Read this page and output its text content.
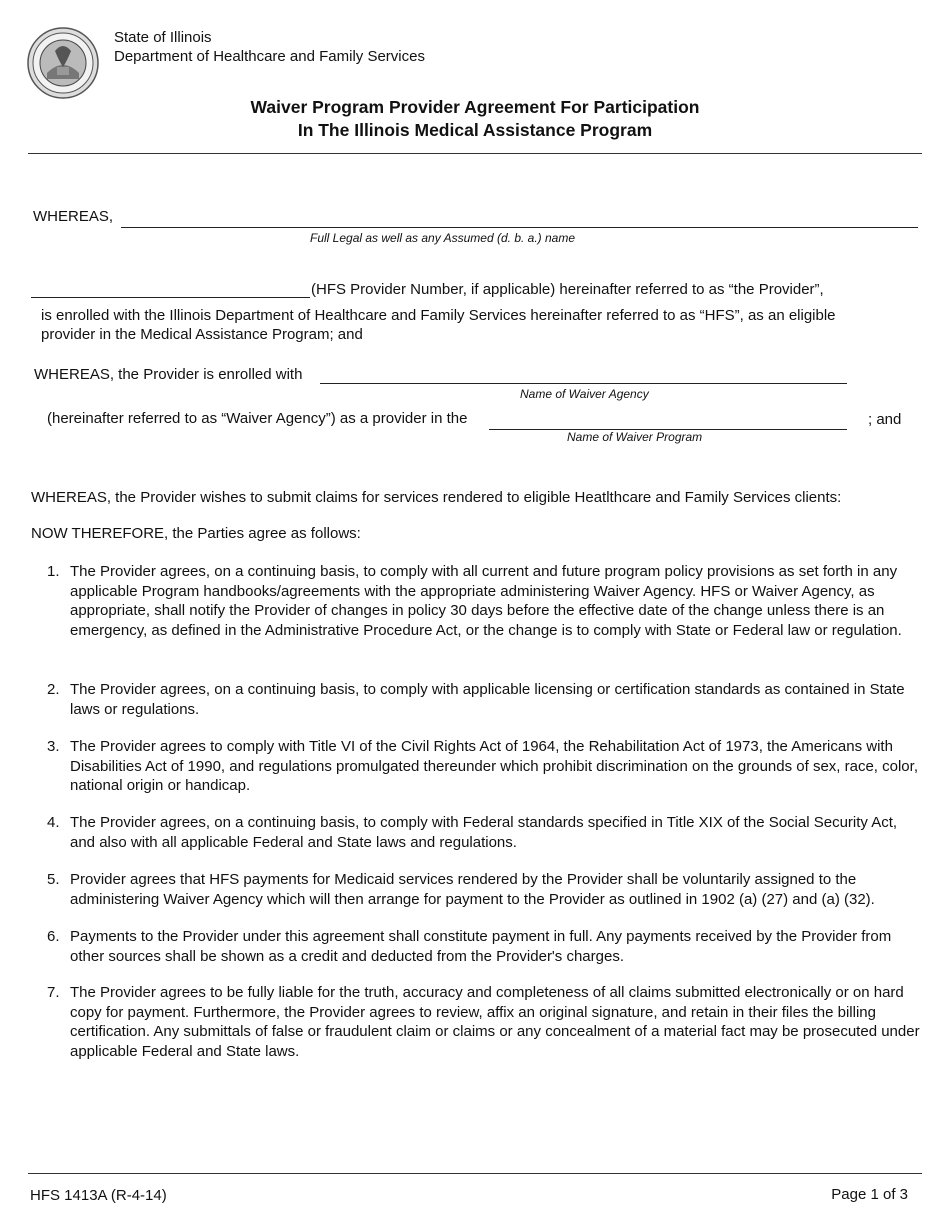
State of Illinois
Department of Healthcare and Family Services
Waiver Program Provider Agreement For Participation
In The Illinois Medical Assistance Program
WHEREAS,
Full Legal as well as any Assumed (d. b. a.) name
(HFS Provider Number, if applicable) hereinafter referred to as “the Provider”,
is enrolled with the Illinois Department of Healthcare and Family Services hereinafter referred to as “HFS”, as an eligible provider in the Medical Assistance Program; and
WHEREAS, the Provider is enrolled with
Name of Waiver Agency
(hereinafter referred to as “Waiver Agency”) as a provider in the	; and
Name of Waiver Program
WHEREAS, the Provider wishes to submit claims for services rendered to eligible Heatlthcare and Family Services clients:
NOW THEREFORE, the Parties agree as follows:
1. The Provider agrees, on a continuing basis, to comply with all current and future program policy provisions as set forth in any applicable Program handbooks/agreements with the appropriate administering Waiver Agency. HFS or Waiver Agency, as appropriate, shall notify the Provider of changes in policy 30 days before the effective date of the change unless there is an emergency, as defined in the Administrative Procedure Act, or the change is to comply with State or Federal law or regulation.
2. The Provider agrees, on a continuing basis, to comply with applicable licensing or certification standards as contained in State laws or regulations.
3. The Provider agrees to comply with Title VI of the Civil Rights Act of 1964, the Rehabilitation Act of 1973, the Americans with Disabilities Act of 1990, and regulations promulgated thereunder which prohibit discrimination on the grounds of sex, race, color, national origin or handicap.
4. The Provider agrees, on a continuing basis, to comply with Federal standards specified in Title XIX of the Social Security Act, and also with all applicable Federal and State laws and regulations.
5. Provider agrees that HFS payments for Medicaid services rendered by the Provider shall be voluntarily assigned to the administering Waiver Agency which will then arrange for payment to the Provider as outlined in 1902 (a) (27) and (a) (32).
6. Payments to the Provider under this agreement shall constitute payment in full. Any payments received by the Provider from other sources shall be shown as a credit and deducted from the Provider's charges.
7. The Provider agrees to be fully liable for the truth, accuracy and completeness of all claims submitted electronically or on hard copy for payment. Furthermore, the Provider agrees to review, affix an original signature, and retain in their files the billing certification. Any submittals of false or fraudulent claim or claims or any concealment of a material fact may be prosecuted under applicable Federal and State laws.
HFS 1413A (R-4-14)	Page 1 of 3
